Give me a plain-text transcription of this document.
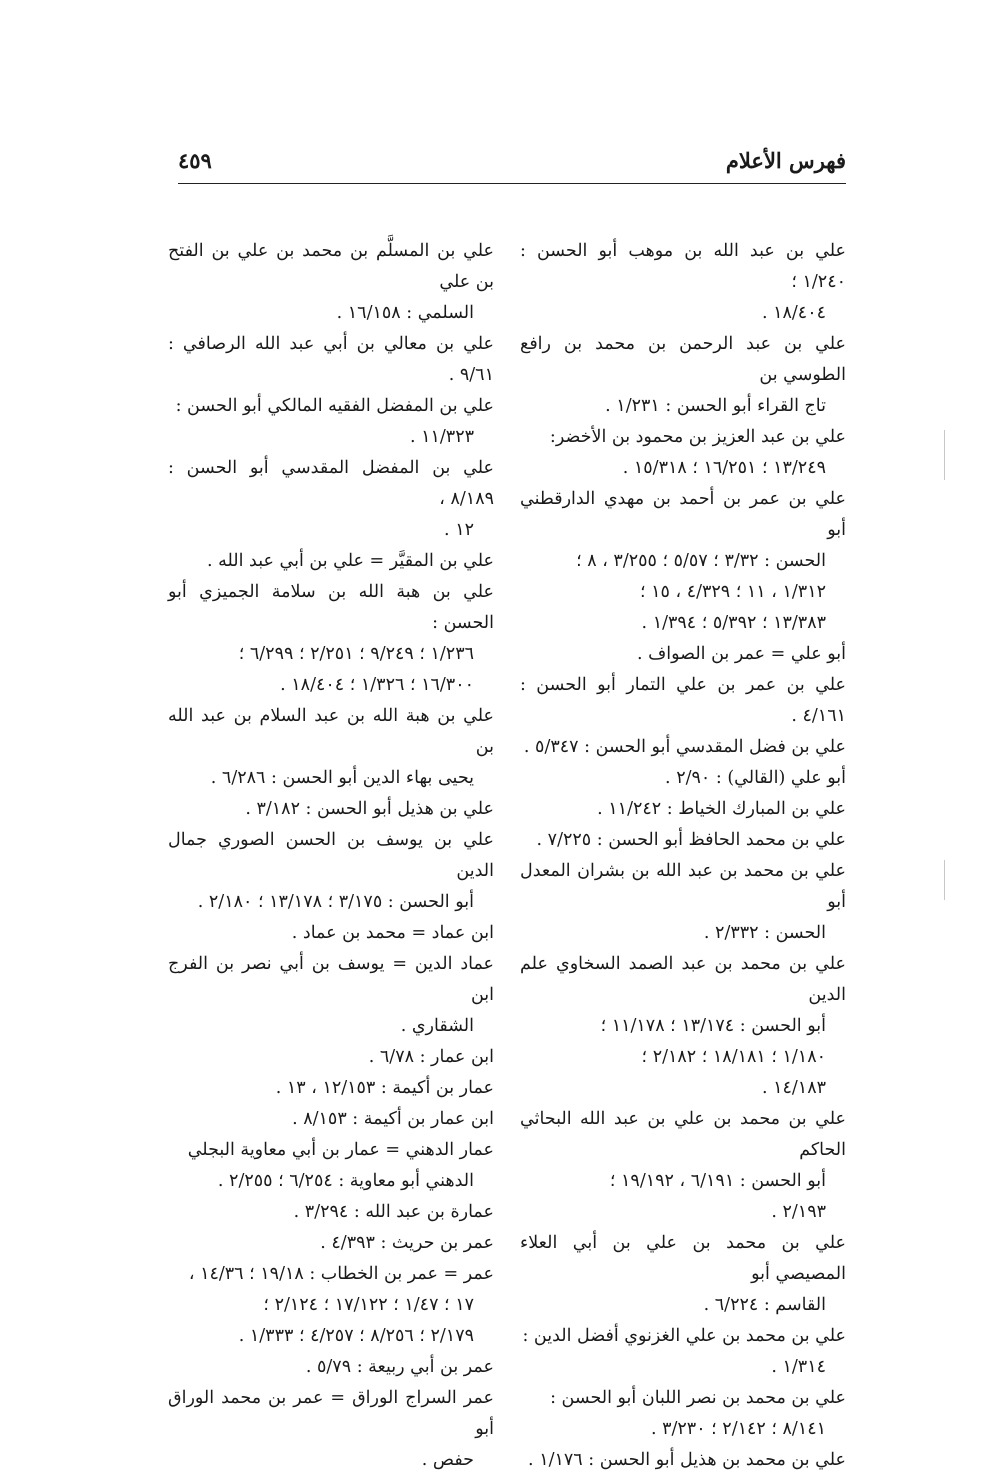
فهرس الأعلام
٤٥٩

علي بن عبد الله بن موهب أبو الحسن : ١/٢٤٠ ؛
١٨/٤٠٤ .

علي بن عبد الرحمن بن محمد بن رافع الطوسي بن
تاج القراء أبو الحسن : ١/٢٣١ .

علي بن عبد العزيز بن محمود بن الأخضر:
١٣/٢٤٩ ؛ ١٦/٢٥١ ؛ ١٥/٣١٨ .

علي بن عمر بن أحمد بن مهدي الدارقطني أبو
الحسن : ٣/٣٢ ؛ ٥/٥٧ ؛ ٣/٢٥٥ ، ٨ ؛
١/٣١٢ ، ١١ ؛ ٤/٣٢٩ ، ١٥ ؛
١٣/٣٨٣ ؛ ٥/٣٩٢ ؛ ١/٣٩٤ .

أبو علي = عمر بن الصواف .

علي بن عمر بن علي التمار أبو الحسن : ٤/١٦١ .

علي بن فضل المقدسي أبو الحسن : ٥/٣٤٧ .

أبو علي (القالي) : ٢/٩٠ .

علي بن المبارك الخياط : ١١/٢٤٢ .

علي بن محمد الحافظ أبو الحسن : ٧/٢٢٥ .

علي بن محمد بن عبد الله بن بشران المعدل أبو
الحسن : ٢/٣٣٢ .

علي بن محمد بن عبد الصمد السخاوي علم الدين
أبو الحسن : ١٣/١٧٤ ؛ ١١/١٧٨ ؛
١/١٨٠ ؛ ١٨/١٨١ ؛ ٢/١٨٢ ؛
١٤/١٨٣ .

علي بن محمد بن علي بن عبد الله البحاثي الحاكم
أبو الحسن : ٦/١٩١ ، ١٩/١٩٢ ؛
٢/١٩٣ .

علي بن محمد بن علي بن أبي العلاء المصيصي أبو
القاسم : ٦/٢٢٤ .

علي بن محمد بن علي الغزنوي أفضل الدين :
١/٣١٤ .

علي بن محمد بن نصر اللبان أبو الحسن :
٨/١٤١ ؛ ٢/١٤٢ ؛ ٣/٢٣٠ .

علي بن محمد بن هذيل أبو الحسن : ١/١٧٦ .

علي بن المسلَّم بن محمد بن علي بن الفتح بن علي
السلمي : ١٦/١٥٨ .

علي بن معالي بن أبي عبد الله الرصافي : ٩/٦١ .

علي بن المفضل الفقيه المالكي أبو الحسن :
١١/٣٢٣ .

علي بن المفضل المقدسي أبو الحسن : ٨/١٨٩ ،
١٢ .

علي بن المقيَّر = علي بن أبي عبد الله .

علي بن هبة الله بن سلامة الجميزي أبو الحسن :
١/٢٣٦ ؛ ٩/٢٤٩ ؛ ٢/٢٥١ ؛ ٦/٢٩٩ ؛
١٦/٣٠٠ ؛ ١/٣٢٦ ؛ ١٨/٤٠٤ .

علي بن هبة الله بن عبد السلام بن عبد الله بن
يحيى بهاء الدين أبو الحسن : ٦/٢٨٦ .

علي بن هذيل أبو الحسن : ٣/١٨٢ .

علي بن يوسف بن الحسن الصوري جمال الدين
أبو الحسن : ٣/١٧٥ ؛ ١٣/١٧٨ ؛ ٢/١٨٠ .

ابن عماد = محمد بن عماد .

عماد الدين = يوسف بن أبي نصر بن الفرج ابن
الشقاري .

ابن عمار : ٦/٧٨ .

عمار بن أكيمة : ١٢/١٥٣ ، ١٣ .

ابن عمار بن أكيمة : ٨/١٥٣ .

عمار الدهني = عمار بن أبي معاوية البجلي
الدهني أبو معاوية : ٦/٢٥٤ ؛ ٢/٢٥٥ .

عمارة بن عبد الله : ٣/٢٩٤ .

عمر بن حريث : ٤/٣٩٣ .

عمر = عمر بن الخطاب : ١٩/١٨ ؛ ١٤/٣٦ ،
١٧ ؛ ١/٤٧ ؛ ١٧/١٢٢ ؛ ٢/١٢٤ ؛
٢/١٧٩ ؛ ٨/٢٥٦ ؛ ٤/٢٥٧ ؛ ١/٣٣٣ .

عمر بن أبي ربيعة : ٥/٧٩ .

عمر السراج الوراق = عمر بن محمد الوراق أبو
حفص .
